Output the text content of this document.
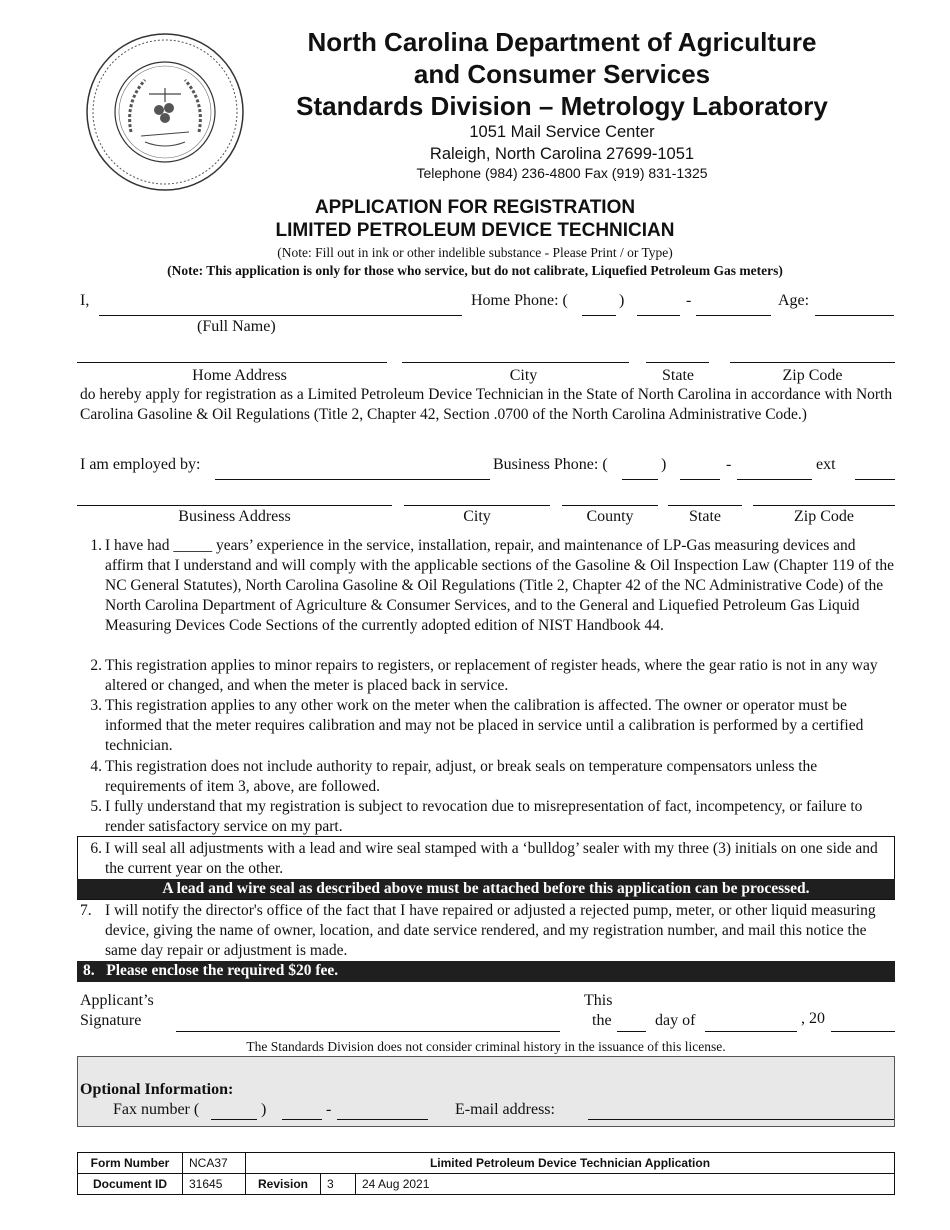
North Carolina Department of Agriculture
and Consumer Services
Standards Division – Metrology Laboratory
1051 Mail Service Center
Raleigh, North Carolina 27699-1051
Telephone (984) 236-4800 Fax (919) 831-1325
APPLICATION FOR REGISTRATION
LIMITED PETROLEUM DEVICE TECHNICIAN
(Note: Fill out in ink or other indelible substance - Please Print / or Type)
(Note: This application is only for those who service, but do not calibrate, Liquefied Petroleum Gas meters)
I,	Home Phone: (	)	-	Age:
(Full Name)
Home Address	City	State	Zip Code
do hereby apply for registration as a Limited Petroleum Device Technician in the State of North Carolina in accordance with North Carolina Gasoline & Oil Regulations (Title 2, Chapter 42, Section .0700 of the North Carolina Administrative Code.)
I am employed by:	Business Phone: (	)	-	ext
Business Address	City	County	State	Zip Code
1. I have had _____ years’ experience in the service, installation, repair, and maintenance of LP-Gas measuring devices and affirm that I understand and will comply with the applicable sections of the Gasoline & Oil Inspection Law (Chapter 119 of the NC General Statutes), North Carolina Gasoline & Oil Regulations (Title 2, Chapter 42 of the NC Administrative Code) of the North Carolina Department of Agriculture & Consumer Services, and to the General and Liquefied Petroleum Gas Liquid Measuring Devices Code Sections of the currently adopted edition of NIST Handbook 44.
2. This registration applies to minor repairs to registers, or replacement of register heads, where the gear ratio is not in any way altered or changed, and when the meter is placed back in service.
3. This registration applies to any other work on the meter when the calibration is affected. The owner or operator must be informed that the meter requires calibration and may not be placed in service until a calibration is performed by a certified technician.
4. This registration does not include authority to repair, adjust, or break seals on temperature compensators unless the requirements of item 3, above, are followed.
5. I fully understand that my registration is subject to revocation due to misrepresentation of fact, incompetency, or failure to render satisfactory service on my part.
6. I will seal all adjustments with a lead and wire seal stamped with a ‘bulldog’ sealer with my three (3) initials on one side and the current year on the other.
A lead and wire seal as described above must be attached before this application can be processed.
7. I will notify the director's office of the fact that I have repaired or adjusted a rejected pump, meter, or other liquid measuring device, giving the name of owner, location, and date service rendered, and my registration number, and mail this notice the same day repair or adjustment is made.
8.   Please enclose the required $20 fee.
Applicant’s
Signature
This
the	day of	, 20
The Standards Division does not consider criminal history in the issuance of this license.
Optional Information:
Fax number (	)	-	E-mail address:
Form Number	NCA37	Limited Petroleum Device Technician Application		
Document ID	31645	Revision	3	24 Aug 2021
